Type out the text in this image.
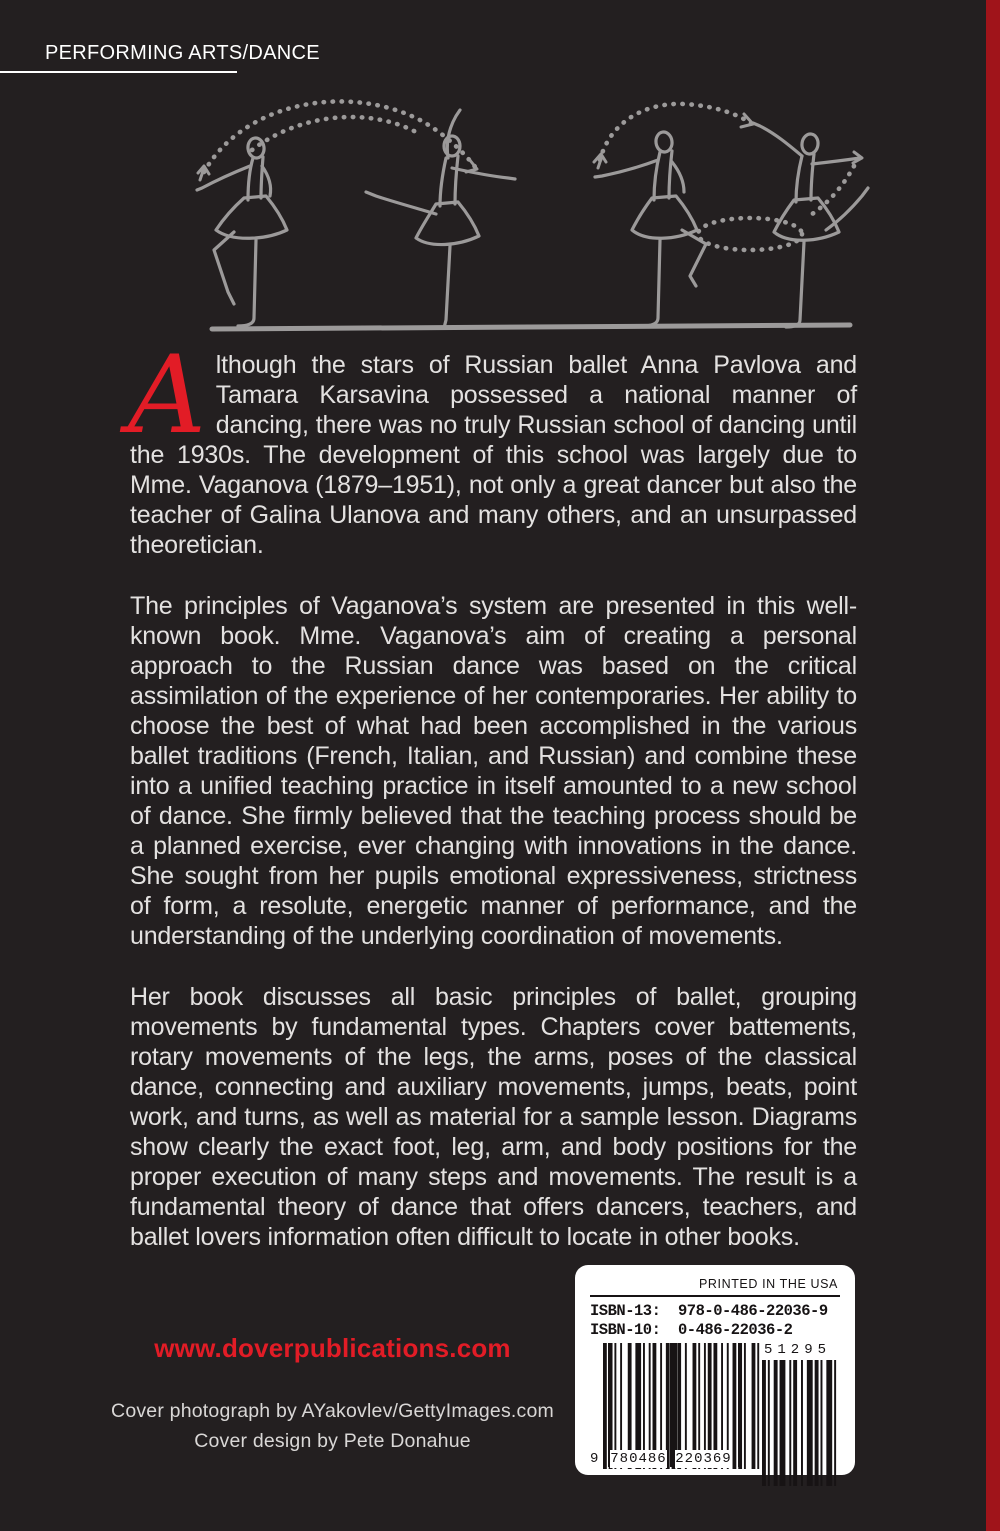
PERFORMING ARTS/DANCE

Although the stars of Russian ballet Anna Pavlova and Tamara Karsavina possessed a national manner of dancing, there was no truly Russian school of dancing until the 1930s. The development of this school was largely due to Mme. Vaganova (1879–1951), not only a great dancer but also the teacher of Galina Ulanova and many others, and an unsurpassed theoretician.

The principles of Vaganova’s system are presented in this well-known book. Mme. Vaganova’s aim of creating a personal approach to the Russian dance was based on the critical assimilation of the experience of her contemporaries. Her ability to choose the best of what had been accomplished in the various ballet traditions (French, Italian, and Russian) and combine these into a unified teaching practice in itself amounted to a new school of dance. She firmly believed that the teaching process should be a planned exercise, ever changing with innovations in the dance. She sought from her pupils emotional expressiveness, strictness of form, a resolute, energetic manner of performance, and the understanding of the underlying coordination of movements.

Her book discusses all basic principles of ballet, grouping movements by fundamental types. Chapters cover battements, rotary movements of the legs, the arms, poses of the classical dance, connecting and auxiliary movements, jumps, beats, point work, and turns, as well as material for a sample lesson. Diagrams show clearly the exact foot, leg, arm, and body positions for the proper execution of many steps and movements. The result is a fundamental theory of dance that offers dancers, teachers, and ballet lovers information often difficult to locate in other books.

www.doverpublications.com
Cover photograph by AYakovlev/GettyImages.com
Cover design by Pete Donahue
PRINTED IN THE USA
ISBN-13: 978-0-486-22036-9
ISBN-10: 0-486-22036-2
9 780486 220369
51295
